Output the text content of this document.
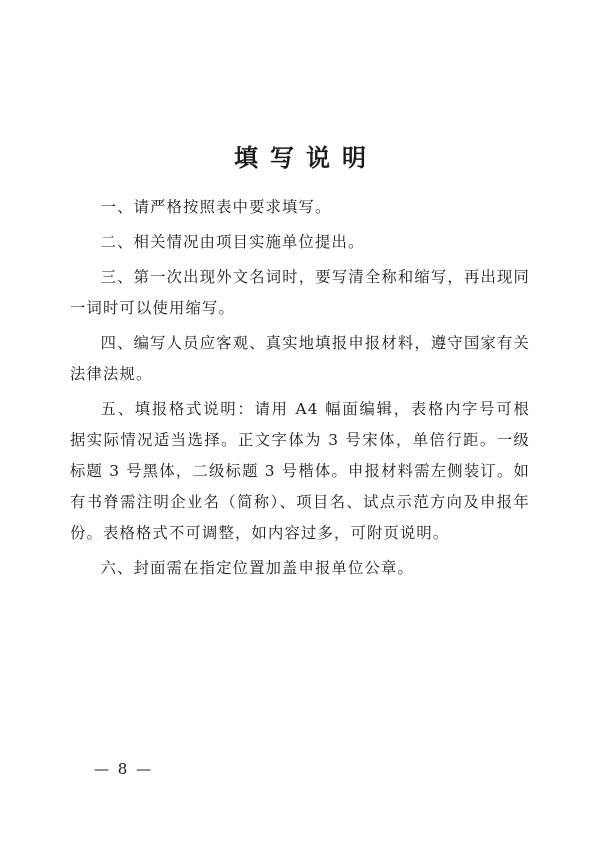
填写说明

一、请严格按照表中要求填写。

二、相关情况由项目实施单位提出。

三、第一次出现外文名词时，要写清全称和缩写，再出现同一词时可以使用缩写。

四、编写人员应客观、真实地填报申报材料，遵守国家有关法律法规。

五、填报格式说明：请用 A4 幅面编辑，表格内字号可根据实际情况适当选择。正文字体为 3 号宋体，单倍行距。一级标题 3 号黑体，二级标题 3 号楷体。申报材料需左侧装订。如有书脊需注明企业名（简称）、项目名、试点示范方向及申报年份。表格格式不可调整，如内容过多，可附页说明。

六、封面需在指定位置加盖申报单位公章。

— 8 —
